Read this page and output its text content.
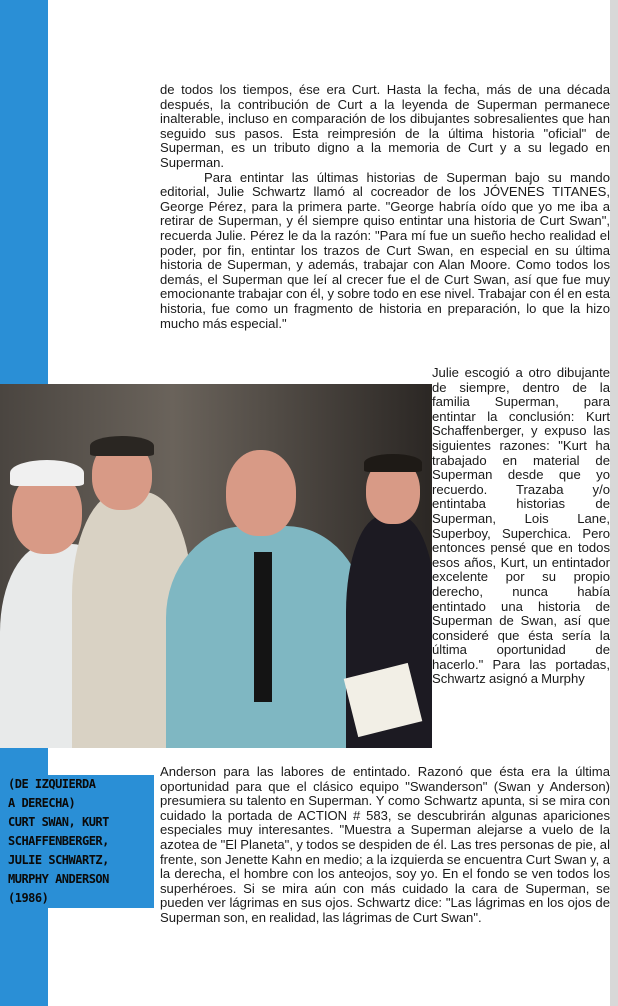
de todos los tiempos, ése era Curt. Hasta la fecha, más de una década después, la contribución de Curt a la leyenda de Superman permanece inalterable, incluso en comparación de los dibujantes sobresalientes que han seguido sus pasos. Esta reimpresión de la última historia "oficial" de Superman, es un tributo digno a la memoria de Curt y a su legado en Superman.

Para entintar las últimas historias de Superman bajo su mando editorial, Julie Schwartz llamó al cocreador de los JÓVENES TITANES, George Pérez, para la primera parte. "George habría oído que yo me iba a retirar de Superman, y él siempre quiso entintar una historia de Curt Swan", recuerda Julie. Pérez le da la razón: "Para mí fue un sueño hecho realidad el poder, por fin, entintar los trazos de Curt Swan, en especial en su última historia de Superman, y además, trabajar con Alan Moore. Como todos los demás, el Superman que leí al crecer fue el de Curt Swan, así que fue muy emocionante trabajar con él, y sobre todo en ese nivel. Trabajar con él en esta historia, fue como un fragmento de historia en preparación, lo que la hizo mucho más especial."

Julie escogió a otro dibujante de siempre, dentro de la familia Superman, para entintar la conclusión: Kurt Schaffenberger, y expuso las siguientes razones: "Kurt ha trabajado en material de Superman desde que yo recuerdo. Trazaba y/o entintaba historias de Superman, Lois Lane, Superboy, Superchica. Pero entonces pensé que en todos esos años, Kurt, un entintador excelente por su propio derecho, nunca había entintado una historia de Superman de Swan, así que consideré que ésta sería la última oportunidad de hacerlo." Para las portadas, Schwartz asignó a Murphy
Anderson para las labores de entintado. Razonó que ésta era la última oportunidad para que el clásico equipo "Swanderson" (Swan y Anderson) presumiera su talento en Superman. Y como Schwartz apunta, si se mira con cuidado la portada de ACTION # 583, se descubrirán algunas apariciones especiales muy interesantes. "Muestra a Superman alejarse a vuelo de la azotea de "El Planeta", y todos se despiden de él. Las tres personas de pie, al frente, son Jenette Kahn en medio; a la izquierda se encuentra Curt Swan y, a la derecha, el hombre con los anteojos, soy yo. En el fondo se ven todos los superhéroes. Si se mira aún con más cuidado la cara de Superman, se pueden ver lágrimas en sus ojos. Schwartz dice: "Las lágrimas en los ojos de Superman son, en realidad, las lágrimas de Curt Swan".
(DE IZQUIERDA
A DERECHA)
CURT SWAN, KURT
SCHAFFENBERGER,
JULIE SCHWARTZ,
MURPHY ANDERSON
(1986)
